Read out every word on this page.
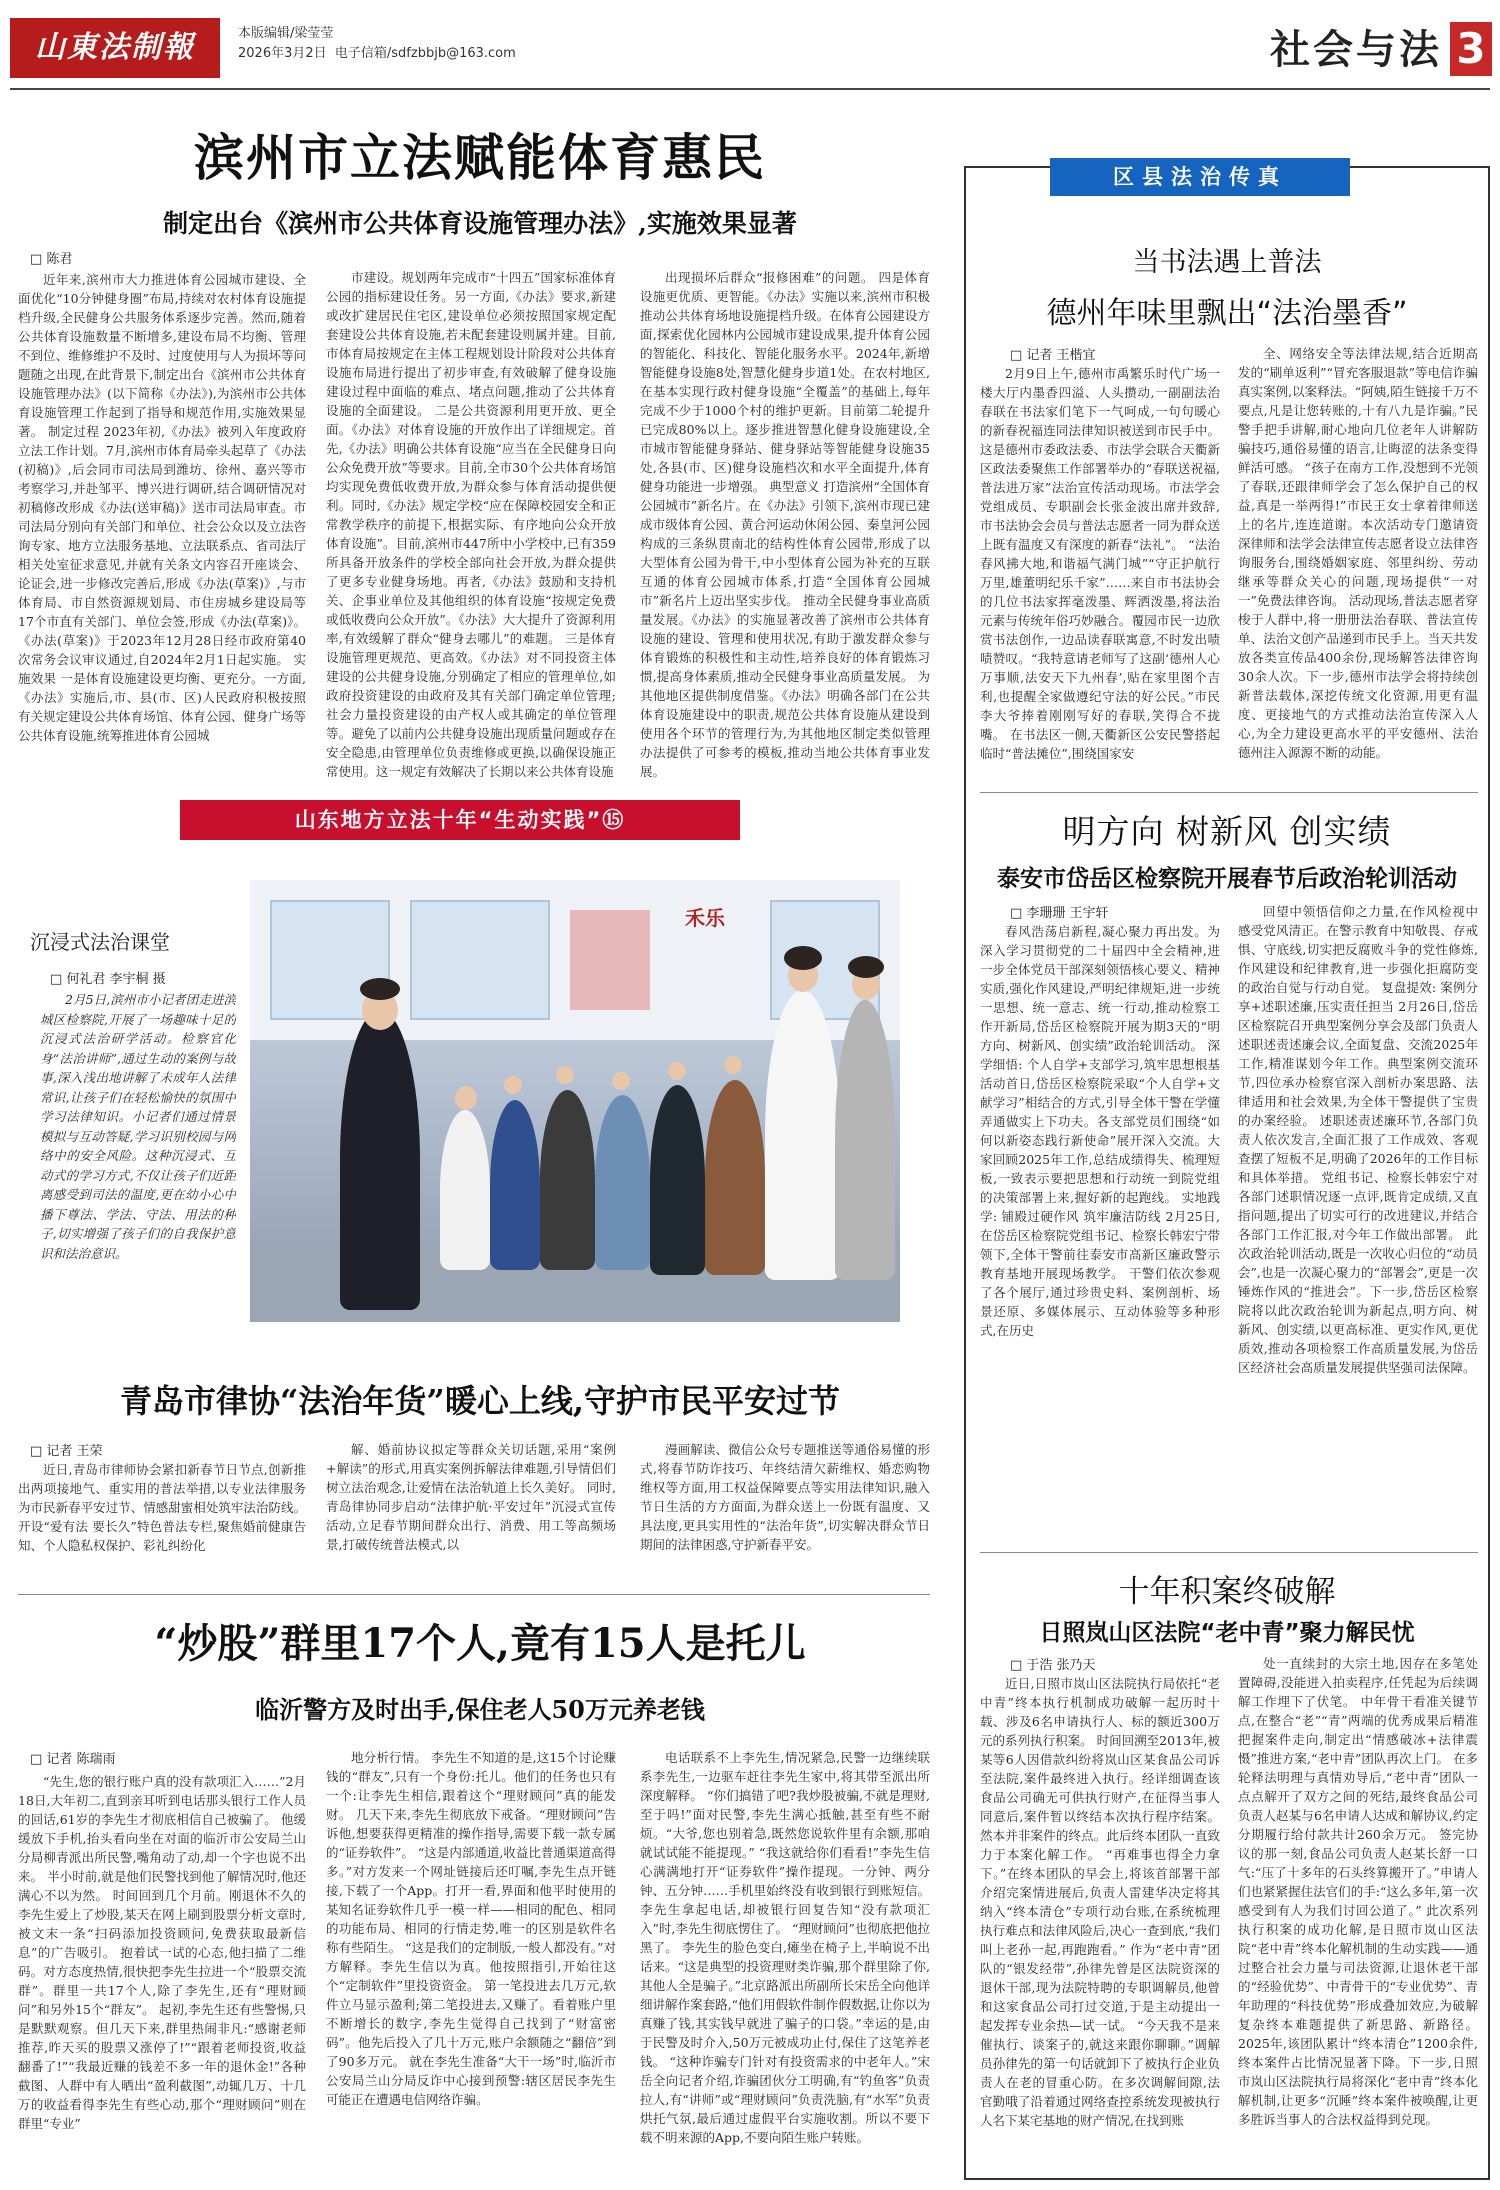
山東法制報	本版编辑/梁莹莹
2026年3月2日 电子信箱/sdfzbbjb@163.com	社会与法 3
滨州市立法赋能体育惠民
制定出台《滨州市公共体育设施管理办法》,实施效果显著
□ 陈君

近年来,滨州市大力推进体育公园城市建设、全面优化“10分钟健身圈”布局,持续对农村体育设施提档升级,全民健身公共服务体系逐步完善。然而,随着公共体育设施数量不断增多,建设布局不均衡、管理不到位、维修维护不及时、过度使用与人为损坏等问题随之出现,在此背景下,制定出台《滨州市公共体育设施管理办法》(以下简称《办法》),为滨州市公共体育设施管理工作起到了指导和规范作用,实施效果显著。 制定过程 2023年初,《办法》被列入年度政府立法工作计划。7月,滨州市体育局牵头起草了《办法(初稿)》,后会同市司法局到潍坊、徐州、嘉兴等市考察学习,并赴邹平、博兴进行调研,结合调研情况对初稿修改形成《办法(送审稿)》送市司法局审查。市司法局分别向有关部门和单位、社会公众以及立法咨询专家、地方立法服务基地、立法联系点、省司法厅相关处室征求意见,并就有关条文内容召开座谈会、论证会,进一步修改完善后,形成《办法(草案)》,与市体育局、市自然资源规划局、市住房城乡建设局等17个市直有关部门、单位会签,形成《办法(草案)》。《办法(草案)》于2023年12月28日经市政府第40次常务会议审议通过,自2024年2月1日起实施。 实施效果 一是体育设施建设更均衡、更充分。一方面,《办法》实施后,市、县(市、区)人民政府积极按照有关规定建设公共体育场馆、体育公园、健身广场等公共体育设施,统筹推进体育公园城

市建设。规划两年完成市“十四五”国家标准体育公园的指标建设任务。另一方面,《办法》要求,新建或改扩建居民住宅区,建设单位必须按照国家规定配套建设公共体育设施,若未配套建设则属并建。目前,市体育局按规定在主体工程规划设计阶段对公共体育设施布局进行提出了初步审查,有效破解了健身设施建设过程中面临的难点、堵点问题,推动了公共体育设施的全面建设。 二是公共资源利用更开放、更全面。《办法》对体育设施的开放作出了详细规定。首先,《办法》明确公共体育设施“应当在全民健身日向公众免费开放”等要求。目前,全市30个公共体育场馆均实现免费低收费开放,为群众参与体育活动提供便利。同时,《办法》规定学校“应在保障校园安全和正常教学秩序的前提下,根据实际、有序地向公众开放体育设施”。目前,滨州市447所中小学校中,已有359所具备开放条件的学校全部向社会开放,为群众提供了更多专业健身场地。再者,《办法》鼓励和支持机关、企事业单位及其他组织的体育设施“按规定免费或低收费向公众开放”。《办法》大大提升了资源利用率,有效缓解了群众“健身去哪儿”的难题。 三是体育设施管理更规范、更高效。《办法》对不同投资主体建设的公共健身设施,分别确定了相应的管理单位,如政府投资建设的由政府及其有关部门确定单位管理;社会力量投资建设的由产权人或其确定的单位管理等。避免了以前内公共健身设施出现质量问题或存在安全隐患,由管理单位负责维修或更换,以确保设施正常使用。这一规定有效解决了长期以来公共体育设施

出现损坏后群众“报修困难”的问题。 四是体育设施更优质、更智能。《办法》实施以来,滨州市积极推动公共体育场地设施提档升级。在体育公园建设方面,探索优化园林内公园城市建设成果,提升体育公园的智能化、科技化、智能化服务水平。2024年,新增智能健身设施8处,智慧化健身步道1处。在农村地区,在基本实现行政村健身设施“全覆盖”的基础上,每年完成不少于1000个村的维护更新。目前第二轮提升已完成80%以上。逐步推进智慧化健身设施建设,全市城市智能健身驿站、健身驿站等智能健身设施35处,各县(市、区)健身设施档次和水平全面提升,体育健身功能进一步增强。 典型意义 打造滨州“全国体育公园城市”新名片。在《办法》引领下,滨州市现已建成市级体育公园、黄合河运动休闲公园、秦皇河公园构成的三条纵贯南北的结构性体育公园带,形成了以大型体育公园为骨干,中小型体育公园为补充的互联互通的体育公园城市体系,打造“全国体育公园城市”新名片上迈出坚实步伐。 推动全民健身事业高质量发展。《办法》的实施显著改善了滨州市公共体育设施的建设、管理和使用状况,有助于激发群众参与体育锻炼的积极性和主动性,培养良好的体育锻炼习惯,提高身体素质,推动全民健身事业高质量发展。 为其他地区提供制度借鉴。《办法》明确各部门在公共体育设施建设中的职责,规范公共体育设施从建设到使用各个环节的管理行为,为其他地区制定类似管理办法提供了可参考的模板,推动当地公共体育事业发展。

山东地方立法十年“生动实践”⑮
沉浸式法治课堂
□ 何礼君 李宇桐 摄

2月5日,滨州市小记者团走进滨城区检察院,开展了一场趣味十足的沉浸式法治研学活动。检察官化身“法治讲师”,通过生动的案例与故事,深入浅出地讲解了未成年人法律常识,让孩子们在轻松愉快的氛围中学习法律知识。小记者们通过情景模拟与互动答疑,学习识别校园与网络中的安全风险。这种沉浸式、互动式的学习方式,不仅让孩子们近距离感受到司法的温度,更在幼小心中播下尊法、学法、守法、用法的种子,切实增强了孩子们的自我保护意识和法治意识。

禾乐
青岛市律协“法治年货”暖心上线,守护市民平安过节
□ 记者 王荣

近日,青岛市律师协会紧扣新春节日节点,创新推出两项接地气、重实用的普法举措,以专业法律服务为市民新春平安过节、情感甜蜜相处筑牢法治防线。 开设“爱有法 要长久”特色普法专栏,聚焦婚前健康告知、个人隐私权保护、彩礼纠纷化

解、婚前协议拟定等群众关切话题,采用“案例+解读”的形式,用真实案例拆解法律难题,引导情侣们树立法治观念,让爱情在法治轨道上长久美好。 同时,青岛律协同步启动“法律护航·平安过年”沉浸式宣传活动,立足春节期间群众出行、消费、用工等高频场景,打破传统普法模式,以

漫画解读、微信公众号专题推送等通俗易懂的形式,将春节防诈技巧、年终结清欠薪维权、婚恋购物维权等方面,用工权益保障要点等实用法律知识,融入节日生活的方方面面,为群众送上一份既有温度、又具法度,更具实用性的“法治年货”,切实解决群众节日期间的法律困惑,守护新春平安。

“炒股”群里17个人,竟有15人是托儿
临沂警方及时出手,保住老人50万元养老钱
□ 记者 陈瑞雨

“先生,您的银行账户真的没有款项汇入……”2月18日,大年初二,直到亲耳听到电话那头银行工作人员的回话,61岁的李先生才彻底相信自己被骗了。 他缓缓放下手机,抬头看向坐在对面的临沂市公安局兰山分局柳青派出所民警,嘴角动了动,却一个字也说不出来。 半小时前,就是他们民警找到他了解情况时,他还满心不以为然。 时间回到几个月前。刚退休不久的李先生爱上了炒股,某天在网上刷到股票分析文章时,被文末一条“扫码添加投资顾问,免费获取最新信息”的广告吸引。 抱着试一试的心态,他扫描了二维码。对方态度热情,很快把李先生拉进一个“股票交流群”。群里一共17个人,除了李先生,还有“理财顾问”和另外15个“群友”。 起初,李先生还有些警惕,只是默默观察。但几天下来,群里热闹非凡:“感谢老师推荐,昨天买的股票又涨停了!”“跟着老师投资,收益翻番了!”“我最近赚的钱差不多一年的退休金!”各种截图、人群中有人晒出“盈利截图”,动辄几万、十几万的收益看得李先生有些心动,那个“理财顾问”则在群里“专业”

地分析行情。 李先生不知道的是,这15个讨论赚钱的“群友”,只有一个身份:托儿。他们的任务也只有一个:让李先生相信,跟着这个“理财顾问”真的能发财。 几天下来,李先生彻底放下戒备。“理财顾问”告诉他,想要获得更精准的操作指导,需要下载一款专属的“证券软件”。 “这是内部通道,收益比普通渠道高得多。”对方发来一个网址链接后还叮嘱,李先生点开链接,下载了一个App。打开一看,界面和他平时使用的某知名证券软件几乎一模一样——相同的配色、相同的功能布局、相同的行情走势,唯一的区别是软件名称有些陌生。 “这是我们的定制版,一般人都没有。”对方解释。李先生信以为真。他按照指引,开始往这个“定制软件”里投资资金。 第一笔投进去几万元,软件立马显示盈利;第二笔投进去,又赚了。看着账户里不断增长的数字,李先生觉得自己找到了“财富密码”。他先后投入了几十万元,账户余额随之“翻倍”到了90多万元。 就在李先生准备“大干一场”时,临沂市公安局兰山分局反诈中心接到预警:辖区居民李先生可能正在遭遇电信网络诈骗。

电话联系不上李先生,情况紧急,民警一边继续联系李先生,一边驱车赶往李先生家中,将其带至派出所深度解释。 “你们搞错了吧?我炒股被骗,不就是理财,至于吗!”面对民警,李先生满心抵触,甚至有些不耐烦。“大爷,您也别着急,既然您说软件里有余额,那咱就试试能不能提现。” “我这就给你们看看!”李先生信心满满地打开“证券软件”操作提现。一分钟、两分钟、五分钟……手机里始终没有收到银行到账短信。李先生拿起电话,却被银行回复告知“没有款项汇入”时,李先生彻底愣住了。 “理财顾问”也彻底把他拉黑了。 李先生的脸色变白,瘫坐在椅子上,半晌说不出话来。“这是典型的投资理财类诈骗,那个群里除了你,其他人全是骗子。”北京路派出所副所长宋岳全向他详细讲解作案套路,“他们用假软件制作假数据,让你以为真赚了钱,其实钱早就进了骗子的口袋。”幸运的是,由于民警及时介入,50万元被成功止付,保住了这笔养老钱。 “这种诈骗专门针对有投资需求的中老年人。”宋岳全向记者介绍,诈骗团伙分工明确,有“钓鱼客”负责拉人,有“讲师”或“理财顾问”负责洗脑,有“水军”负责烘托气氛,最后通过虚假平台实施收割。所以不要下载不明来源的App,不要向陌生账户转账。

区县法治传真
当书法遇上普法
德州年味里飘出“法治墨香”
□ 记者 王楷宜

2月9日上午,德州市禹繁乐时代广场一楼大厅内墨香四溢、人头攒动,一副副法治春联在书法家们笔下一气呵成,一句句暖心的新春祝福连同法律知识被送到市民手中。这是德州市委政法委、市法学会联合天衢新区政法委聚焦工作部署举办的“春联送祝福,普法进万家”法治宣传活动现场。市法学会党组成员、专职副会长张金波出席并致辞,市书法协会会员与普法志愿者一同为群众送上既有温度又有深度的新春“法礼”。 “法治春风拂大地,和谐福气满门城”“守正护航行万里,雄董明纪乐千家”……来自市书法协会的几位书法家挥毫泼墨、辉洒泼墨,将法治元素与传统年俗巧妙融合。覆园市民一边欣赏书法创作,一边品读春联寓意,不时发出啧啧赞叹。“我特意请老师写了这副‘德州人心万事顺,法安天下九州春’,贴在家里图个吉利,也提醒全家做遵纪守法的好公民。”市民李大爷捧着刚刚写好的春联,笑得合不拢嘴。 在书法区一侧,天衢新区公安民警搭起临时“普法摊位”,围绕国家安

全、网络安全等法律法规,结合近期高发的“刷单返利”“冒充客服退款”等电信诈骗真实案例,以案释法。“阿姨,陌生链接千万不要点,凡是让您转账的,十有八九是诈骗。”民警手把手讲解,耐心地向几位老年人讲解防骗技巧,通俗易懂的语言,让晦涩的法条变得鲜活可感。 “孩子在南方工作,没想到不光领了春联,还跟律师学会了怎么保护自己的权益,真是一举两得!”市民王女士拿着律师送上的名片,连连道谢。本次活动专门邀请资深律师和法学会法律宣传志愿者设立法律咨询服务台,围绕婚姻家庭、邻里纠纷、劳动继承等群众关心的问题,现场提供“一对一”免费法律咨询。 活动现场,普法志愿者穿梭于人群中,将一册册法治春联、普法宣传单、法治文创产品递到市民手上。当天共发放各类宣传品400余份,现场解答法律咨询30余人次。下一步,德州市法学会将持续创新普法载体,深挖传统文化资源,用更有温度、更接地气的方式推动法治宣传深入人心,为全力建设更高水平的平安德州、法治德州注入源源不断的动能。

明方向 树新风 创实绩
泰安市岱岳区检察院开展春节后政治轮训活动
□ 李珊珊 王宇轩

春风浩荡启新程,凝心聚力再出发。为深入学习贯彻党的二十届四中全会精神,进一步全体党员干部深刻领悟核心要义、精神实质,强化作风建设,严明纪律规矩,进一步统一思想、统一意志、统一行动,推动检察工作开新局,岱岳区检察院开展为期3天的“明方向、树新风、创实绩”政治轮训活动。 深学细悟: 个人自学+支部学习,筑牢思想根基 活动首日,岱岳区检察院采取“个人自学+文献学习”相结合的方式,引导全体干警在学懂弄通做实上下功夫。各支部党员们围绕“如何以新姿态践行新使命”展开深入交流。大家回顾2025年工作,总结成绩得失、梳理短板,一致表示要把思想和行动统一到院党组的决策部署上来,握好新的起跑线。 实地践学: 铺殿过硬作风 筑牢廉洁防线 2月25日,在岱岳区检察院党组书记、检察长韩宏宁带领下,全体干警前往泰安市高新区廉政警示教育基地开展现场教学。 干警们依次参观了各个展厅,通过珍贵史料、案例剖析、场景还原、多媒体展示、互动体验等多种形式,在历史

回望中领悟信仰之力量,在作风检视中感受党风清正。在警示教育中知敬畏、存戒惧、守底线,切实把反腐败斗争的党性修炼,作风建设和纪律教育,进一步强化拒腐防变的政治自觉与行动自觉。 复盘提效: 案例分享+述职述廉,压实责任担当 2月26日,岱岳区检察院召开典型案例分享会及部门负责人述职述责述廉会议,全面复盘、交流2025年工作,精准谋划今年工作。典型案例交流环节,四位承办检察官深入剖析办案思路、法律适用和社会效果,为全体干警提供了宝贵的办案经验。 述职述责述廉环节,各部门负责人依次发言,全面汇报了工作成效、客观查摆了短板不足,明确了2026年的工作目标和具体举措。 党组书记、检察长韩宏宁对各部门述职情况逐一点评,既肯定成绩,又直指问题,提出了切实可行的改进建议,并结合各部门工作汇报,对今年工作做出部署。 此次政治轮训活动,既是一次收心归位的“动员会”,也是一次凝心聚力的“部署会”,更是一次锤炼作风的“推进会”。下一步,岱岳区检察院将以此次政治轮训为新起点,明方向、树新风、创实绩,以更高标准、更实作风,更优质效,推动各项检察工作高质量发展,为岱岳区经济社会高质量发展提供坚强司法保障。

十年积案终破解
日照岚山区法院“老中青”聚力解民忧
□ 于浩 张乃天

近日,日照市岚山区法院执行局依托“老中青”终本执行机制成功破解一起历时十载、涉及6名申请执行人、标的额近300万元的系列执行积案。 时间回溯至2013年,被某等6人因借款纠纷将岚山区某食品公司诉至法院,案件最终进入执行。经详细调查该食品公司确无可供执行财产,在征得当事人同意后,案件暂以终结本次执行程序结案。 然本并非案件的终点。此后终本团队一直致力于本案化解工作。 “再难事也得全力拿下。”在终本团队的早会上,将该首部署干部介绍完案情进展后,负责人雷建华决定将其纳入“终本清仓”专项行动台账,在系统梳理执行难点和法律风险后,决心一查到底,“我们叫上老孙一起,再跑跑看。” 作为“老中青”团队的“银发经带”,孙律先曾是区法院资深的退休干部,现为法院特聘的专职调解员,他曾和这家食品公司打过交道,于是主动提出一起发挥专业余热—试一试。 “今天我不是来催执行、谈案子的,就这来跟你聊聊。”调解员孙律先的第一句话就卸下了被执行企业负责人在老的冒重心防。在多次调解间隙,法官勤哦了沿着通过网络查控系统发现被执行人名下某宅基地的财产情况,在找到账

处一直续封的大宗土地,因存在多笔处置障碍,没能进入拍卖程序,任凭起为后续调解工作埋下了伏笔。 中年骨干看准关键节点,在整合“老”“青”两端的优秀成果后精准把握案件走向,制定出“情感破冰+法律震慑”推进方案,“老中青”团队再次上门。 在多轮释法明理与真情劝导后,“老中青”团队一点点解开了双方之间的死结,最终食品公司负责人赵某与6名申请人达成和解协议,约定分期履行给付款共计260余万元。 签完协议的那一刻,食品公司负责人赵某长舒一口气:“压了十多年的石头终算搬开了。”申请人们也紧紧握住法官们的手:“这么多年,第一次感受到有人为我们讨回公道了。” 此次系列执行积案的成功化解,是日照市岚山区法院“老中青”终本化解机制的生动实践——通过整合社会力量与司法资源,让退休老干部的“经验优势”、中青骨干的“专业优势”、青年助理的“科技优势”形成叠加效应,为破解复杂终本难题提供了新思路、新路径。2025年,该团队累计“终本清仓”1200余件,终本案件占比情况显著下降。下一步,日照市岚山区法院执行局将深化“老中青”终本化解机制,让更多“沉睡”终本案件被唤醒,让更多胜诉当事人的合法权益得到兑现。
